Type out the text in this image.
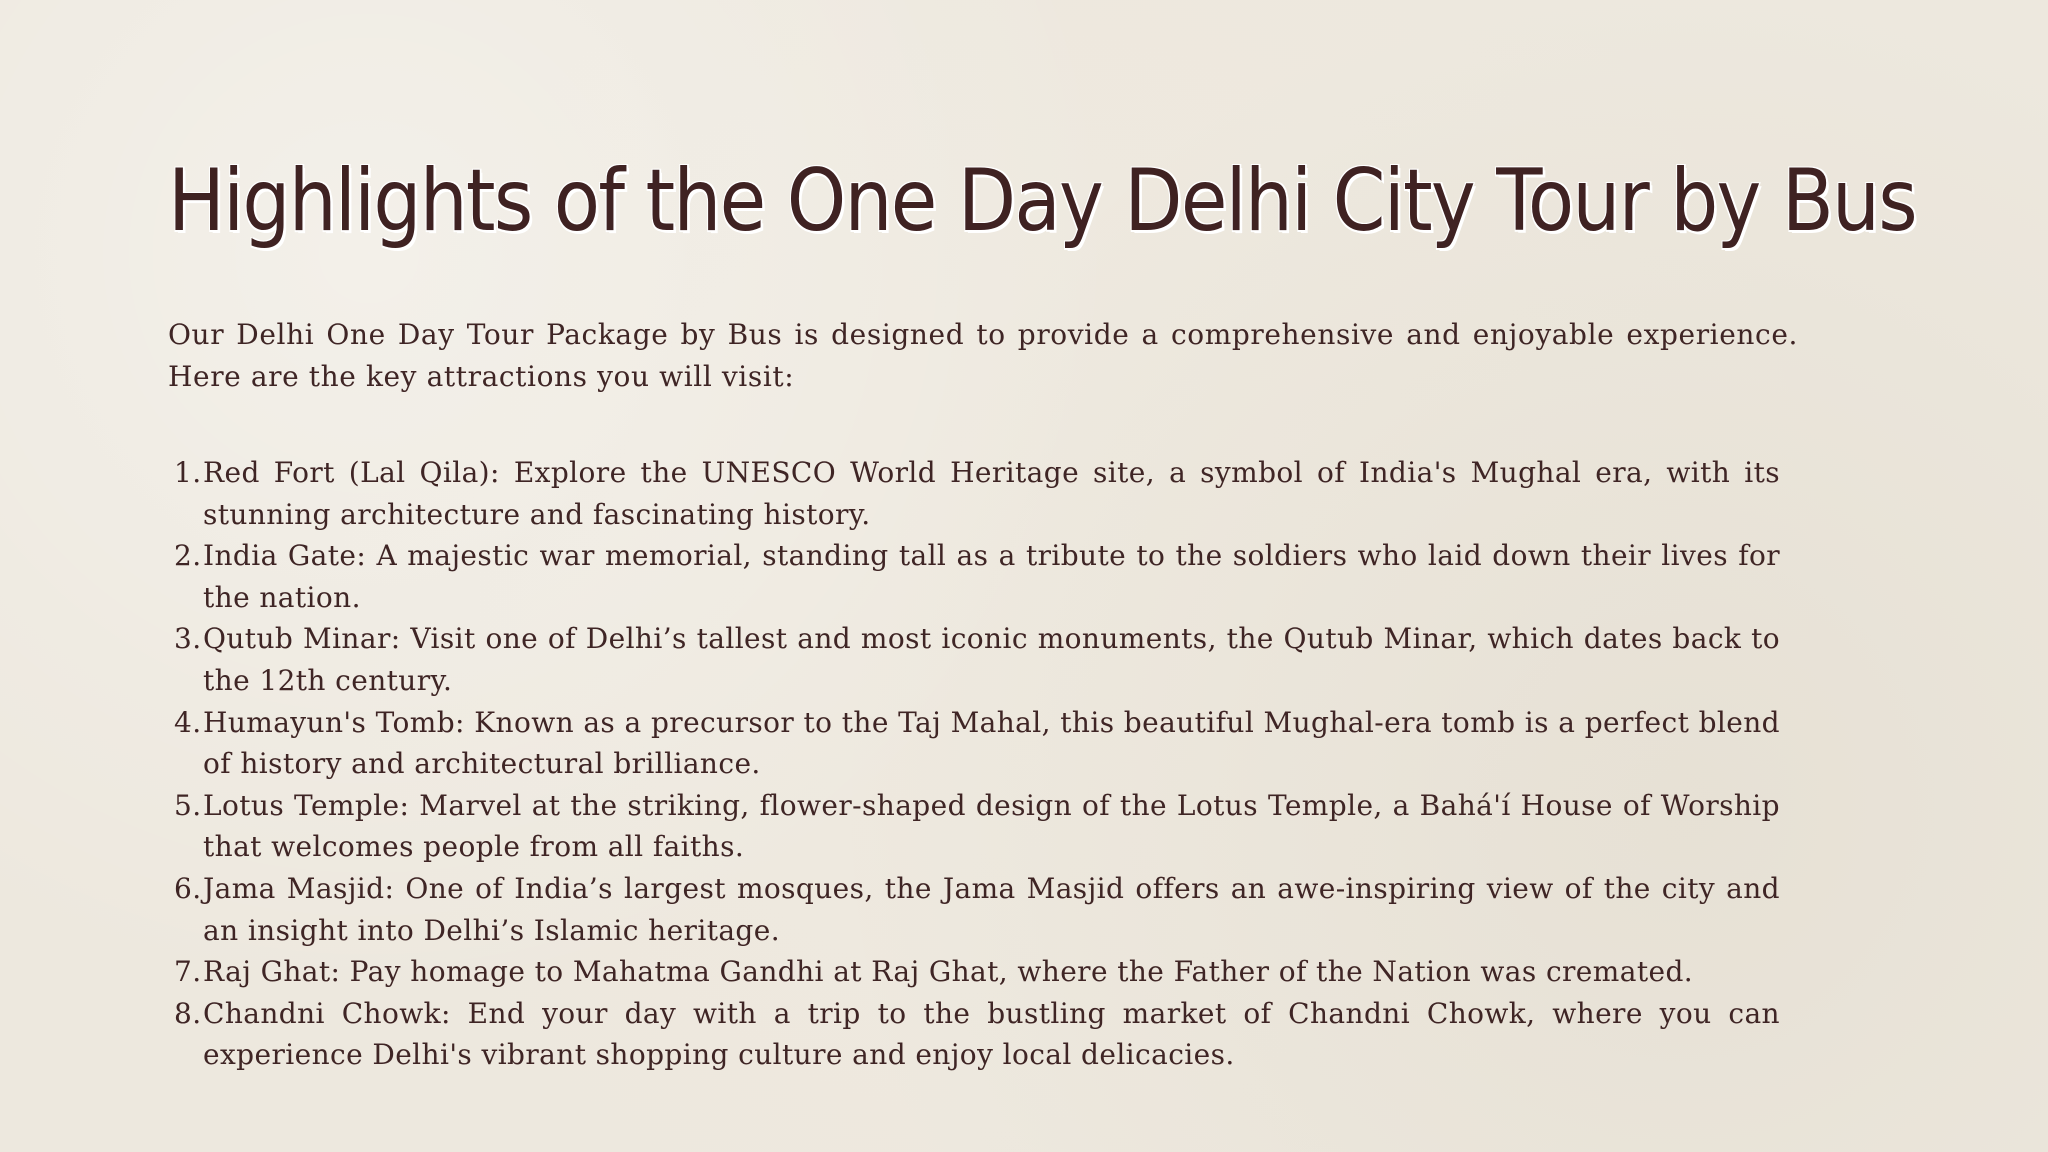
Highlights of the One Day Delhi City Tour by Bus

Our Delhi One Day Tour Package by Bus is designed to provide a comprehensive and enjoyable experience. Here are the key attractions you will visit:

1. Red Fort (Lal Qila): Explore the UNESCO World Heritage site, a symbol of India's Mughal era, with its stunning architecture and fascinating history.
2. India Gate: A majestic war memorial, standing tall as a tribute to the soldiers who laid down their lives for the nation.
3. Qutub Minar: Visit one of Delhi’s tallest and most iconic monuments, the Qutub Minar, which dates back to the 12th century.
4. Humayun's Tomb: Known as a precursor to the Taj Mahal, this beautiful Mughal-era tomb is a perfect blend of history and architectural brilliance.
5. Lotus Temple: Marvel at the striking, flower-shaped design of the Lotus Temple, a Bahá'í House of Worship that welcomes people from all faiths.
6. Jama Masjid: One of India’s largest mosques, the Jama Masjid offers an awe-inspiring view of the city and an insight into Delhi’s Islamic heritage.
7. Raj Ghat: Pay homage to Mahatma Gandhi at Raj Ghat, where the Father of the Nation was cremated.
8. Chandni Chowk: End your day with a trip to the bustling market of Chandni Chowk, where you can experience Delhi's vibrant shopping culture and enjoy local delicacies.
